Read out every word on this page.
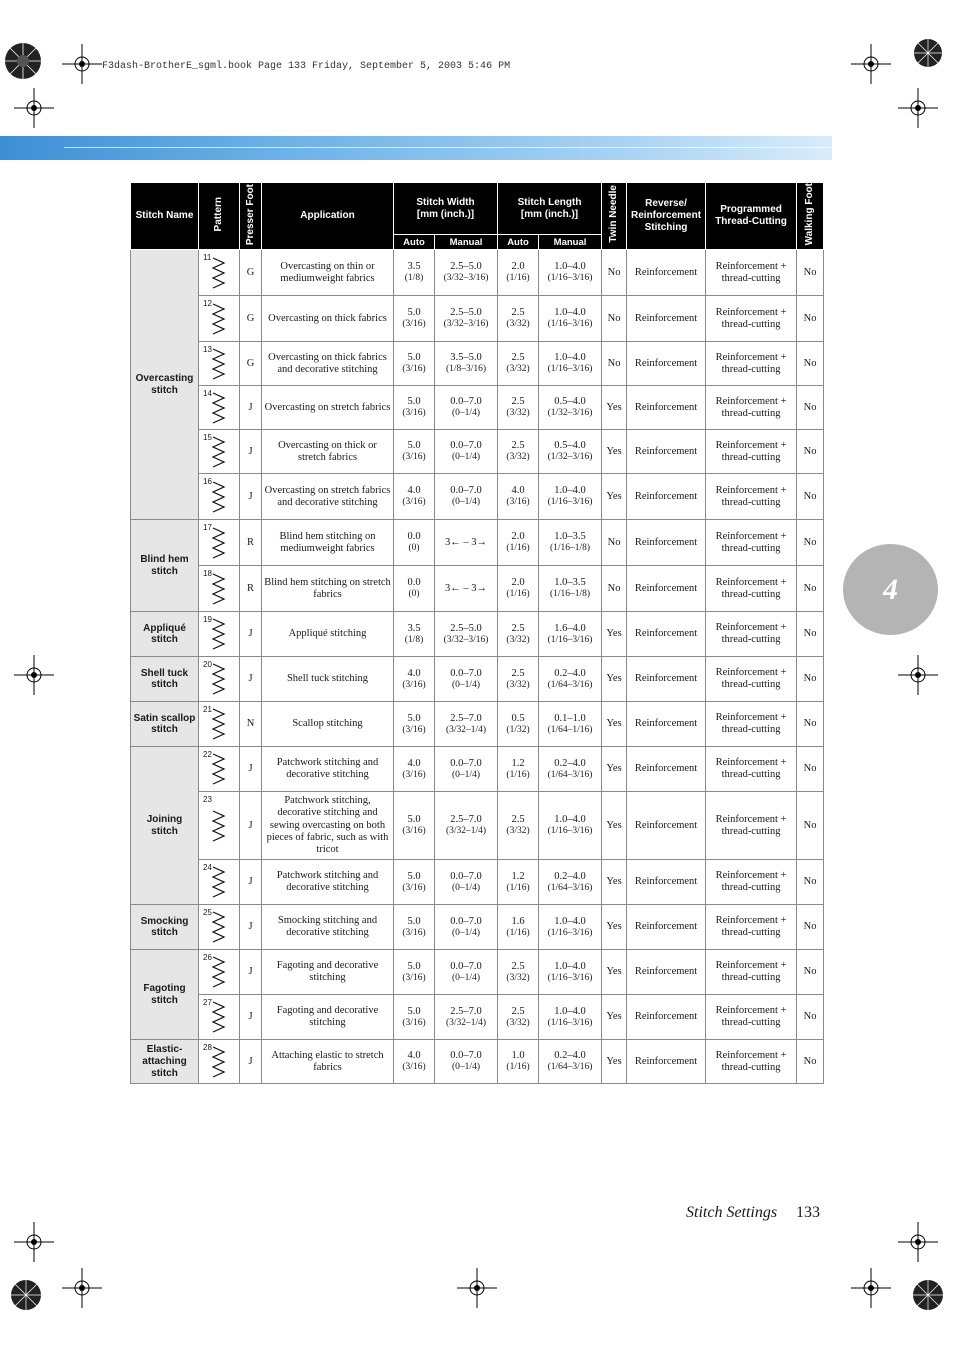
F3dash-BrotherE_sgml.book Page 133 Friday, September 5, 2003 5:46 PM
4
Stitch Name	Pattern	Presser Foot	Application	Stitch Width
[mm (inch.)]		Stitch Length
[mm (inch.)]		Twin Needle	Reverse/ Reinforcement Stitching	Programmed Thread-Cutting	Walking Foot
				Auto	Manual	Auto	Manual				
Overcasting stitch	11	G	Overcasting on thin or mediumweight fabrics	3.5
(1/8)	2.5–5.0
(3/32–3/16)	2.0
(1/16)	1.0–4.0
(1/16–3/16)	No	Reinforcement	Reinforcement + thread-cutting	No

	12	G	Overcasting on thick fabrics	5.0
(3/16)	2.5–5.0
(3/32–3/16)	2.5
(3/32)	1.0–4.0
(1/16–3/16)	No	Reinforcement	Reinforcement + thread-cutting	No

	13	G	Overcasting on thick fabrics and decorative stitching	5.0
(3/16)	3.5–5.0
(1/8–3/16)	2.5
(3/32)	1.0–4.0
(1/16–3/16)	No	Reinforcement	Reinforcement + thread-cutting	No

	14	J	Overcasting on stretch fabrics	5.0
(3/16)	0.0–7.0
(0–1/4)	2.5
(3/32)	0.5–4.0
(1/32–3/16)	Yes	Reinforcement	Reinforcement + thread-cutting	No

	15	J	Overcasting on thick or stretch fabrics	5.0
(3/16)	0.0–7.0
(0–1/4)	2.5
(3/32)	0.5–4.0
(1/32–3/16)	Yes	Reinforcement	Reinforcement + thread-cutting	No

	16	J	Overcasting on stretch fabrics and decorative stitching	4.0
(3/16)	0.0–7.0
(0–1/4)	4.0
(3/16)	1.0–4.0
(1/16–3/16)	Yes	Reinforcement	Reinforcement + thread-cutting	No
Blind hem stitch	17	R	Blind hem stitching on mediumweight fabrics	0.0
(0)	3← – 3→	2.0
(1/16)	1.0–3.5
(1/16–1/8)	No	Reinforcement	Reinforcement + thread-cutting	No

	18	R	Blind hem stitching on stretch fabrics	0.0
(0)	3← – 3→	2.0
(1/16)	1.0–3.5
(1/16–1/8)	No	Reinforcement	Reinforcement + thread-cutting	No
Appliqué stitch	19	J	Appliqué stitching	3.5
(1/8)	2.5–5.0
(3/32–3/16)	2.5
(3/32)	1.6–4.0
(1/16–3/16)	Yes	Reinforcement	Reinforcement + thread-cutting	No
Shell tuck stitch	20	J	Shell tuck stitching	4.0
(3/16)	0.0–7.0
(0–1/4)	2.5
(3/32)	0.2–4.0
(1/64–3/16)	Yes	Reinforcement	Reinforcement + thread-cutting	No
Satin scallop stitch	21	N	Scallop stitching	5.0
(3/16)	2.5–7.0
(3/32–1/4)	0.5
(1/32)	0.1–1.0
(1/64–1/16)	Yes	Reinforcement	Reinforcement + thread-cutting	No
Joining stitch	22	J	Patchwork stitching and decorative stitching	4.0
(3/16)	0.0–7.0
(0–1/4)	1.2
(1/16)	0.2–4.0
(1/64–3/16)	Yes	Reinforcement	Reinforcement + thread-cutting	No

	23	J	Patchwork stitching, decorative stitching and sewing overcasting on both pieces of fabric, such as with tricot	5.0
(3/16)	2.5–7.0
(3/32–1/4)	2.5
(3/32)	1.0–4.0
(1/16–3/16)	Yes	Reinforcement	Reinforcement + thread-cutting	No

	24	J	Patchwork stitching and decorative stitching	5.0
(3/16)	0.0–7.0
(0–1/4)	1.2
(1/16)	0.2–4.0
(1/64–3/16)	Yes	Reinforcement	Reinforcement + thread-cutting	No
Smocking stitch	25	J	Smocking stitching and decorative stitching	5.0
(3/16)	0.0–7.0
(0–1/4)	1.6
(1/16)	1.0–4.0
(1/16–3/16)	Yes	Reinforcement	Reinforcement + thread-cutting	No
Fagoting stitch	26	J	Fagoting and decorative stitching	5.0
(3/16)	0.0–7.0
(0–1/4)	2.5
(3/32)	1.0–4.0
(1/16–3/16)	Yes	Reinforcement	Reinforcement + thread-cutting	No

	27	J	Fagoting and decorative stitching	5.0
(3/16)	2.5–7.0
(3/32–1/4)	2.5
(3/32)	1.0–4.0
(1/16–3/16)	Yes	Reinforcement	Reinforcement + thread-cutting	No
Elastic-attaching stitch	28	J	Attaching elastic to stretch fabrics	4.0
(3/16)	0.0–7.0
(0–1/4)	1.0
(1/16)	0.2–4.0
(1/64–3/16)	Yes	Reinforcement	Reinforcement + thread-cutting	No
Stitch Settings 133
